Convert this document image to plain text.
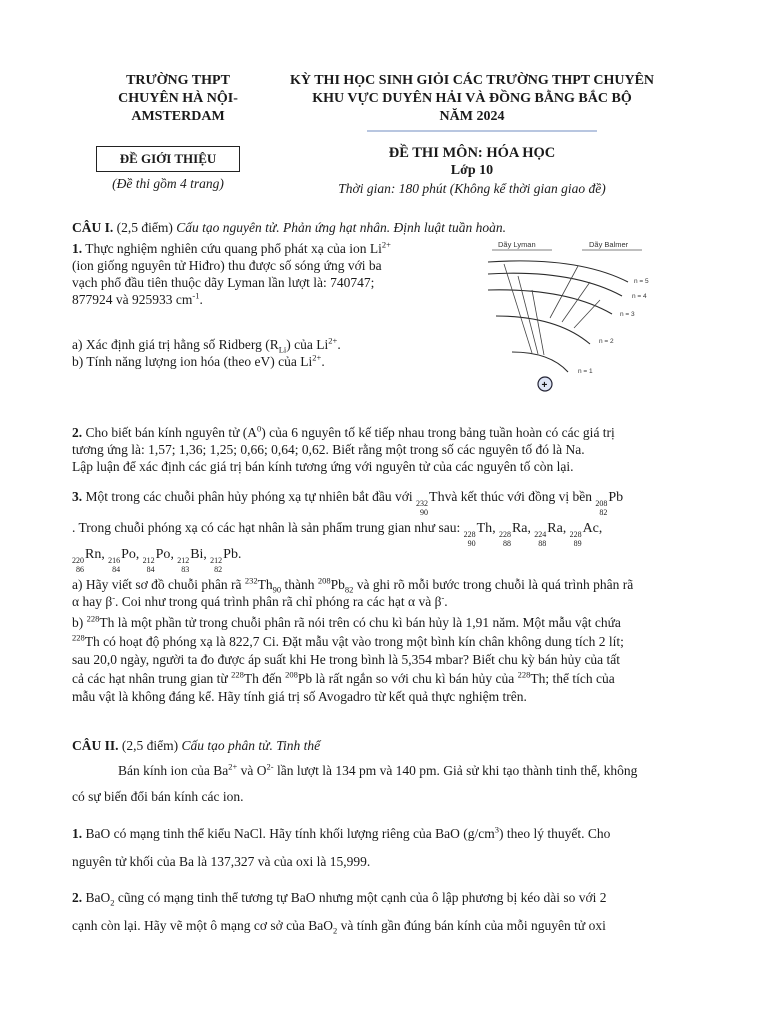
TRƯỜNG THPT
CHUYÊN HÀ NỘI-
AMSTERDAM
KỲ THI HỌC SINH GIỎI CÁC TRƯỜNG THPT CHUYÊN
KHU VỰC DUYÊN HẢI VÀ ĐỒNG BẰNG BẮC BỘ
NĂM 2024
ĐỀ GIỚI THIỆU
(Đề thi gồm 4 trang)
ĐỀ THI MÔN: HÓA HỌC
Lớp 10
Thời gian: 180 phút (Không kể thời gian giao đề)
CÂU I. (2,5 điểm) Cấu tạo nguyên tử. Phản ứng hạt nhân. Định luật tuần hoàn.
1. Thực nghiệm nghiên cứu quang phổ phát xạ của ion $Li^{2+}$
(ion giống nguyên tử Hiđro) thu được số sóng ứng với ba
vạch phổ đầu tiên thuộc dãy Lyman lần lượt là: 740747;
877924 và 925933 $cm^{-1}$.
a) Xác định giá trị hằng số Ridberg $(R_{Li})$ của $Li^{2+}$.
b) Tính năng lượng ion hóa (theo eV) của $Li^{2+}$.
Dãy Lyman	Dãy Balmer
n = 5
n = 4
n = 3
n = 2
n = 1
+
2. Cho biết bán kính nguyên tử $(A^0)$ của 6 nguyên tố kế tiếp nhau trong bảng tuần hoàn có các giá trị
tương ứng là: 1,57; 1,36; 1,25; 0,66; 0,64; 0,62. Biết rằng một trong số các nguyên tố đó là Na.
Lập luận để xác định các giá trị bán kính tương ứng với nguyên tử của các nguyên tố còn lại.
3. Một trong các chuỗi phân hủy phóng xạ tự nhiên bắt đầu với 232
90
Thvà kết thúc với đồng vị bền 208
82
Pb
. Trong chuỗi phóng xạ có các hạt nhân là sản phẩm trung gian như sau: 228
90
Th, 228
88
Ra, 224
88
Ra, 228
89
Ac,
220
86
Rn, 216
84
Po, 212
84
Po, 212
83
Bi, 212
82
Pb.
a) Hãy viết sơ đồ chuỗi phân rã $^{232}Th_{90}$ thành $^{208}Pb_{82}$ và ghi rõ mỗi bước trong chuỗi là quá trình phân rã
α hay β-. Coi như trong quá trình phân rã chỉ phóng ra các hạt α và β-.
b) $^{228}$Th là một phần tử trong chuỗi phân rã nói trên có chu kì bán hủy là 1,91 năm. Một mẫu vật chứa
$^{228}$Th có hoạt độ phóng xạ là 822,7 Ci. Đặt mẫu vật vào trong một bình kín chân không dung tích 2 lít;
sau 20,0 ngày, người ta đo được áp suất khi He trong bình là 5,354 mbar? Biết chu kỳ bán hủy của tất
cả các hạt nhân trung gian từ $^{228}$Th đến $^{208}$Pb là rất ngắn so với chu kì bán hủy của $^{228}$Th; thể tích của
mẫu vật là không đáng kể. Hãy tính giá trị số Avogadro từ kết quả thực nghiệm trên.
CÂU II. (2,5 điểm) Cấu tạo phân tử. Tinh thể
Bán kính ion của $Ba^{2+}$ và $O^{2-}$ lần lượt là 134 pm và 140 pm. Giả sử khi tạo thành tinh thể, không
có sự biến đổi bán kính các ion.
1. BaO có mạng tinh thể kiểu NaCl. Hãy tính khối lượng riêng của BaO $(g/cm^3)$ theo lý thuyết. Cho
nguyên tử khối của Ba là 137,327 và của oxi là 15,999.
2. BaO$_2$ cũng có mạng tinh thể tương tự BaO nhưng một cạnh của ô lập phương bị kéo dài so với 2
cạnh còn lại. Hãy vẽ một ô mạng cơ sở của BaO$_2$ và tính gần đúng bán kính của mỗi nguyên tử oxi
